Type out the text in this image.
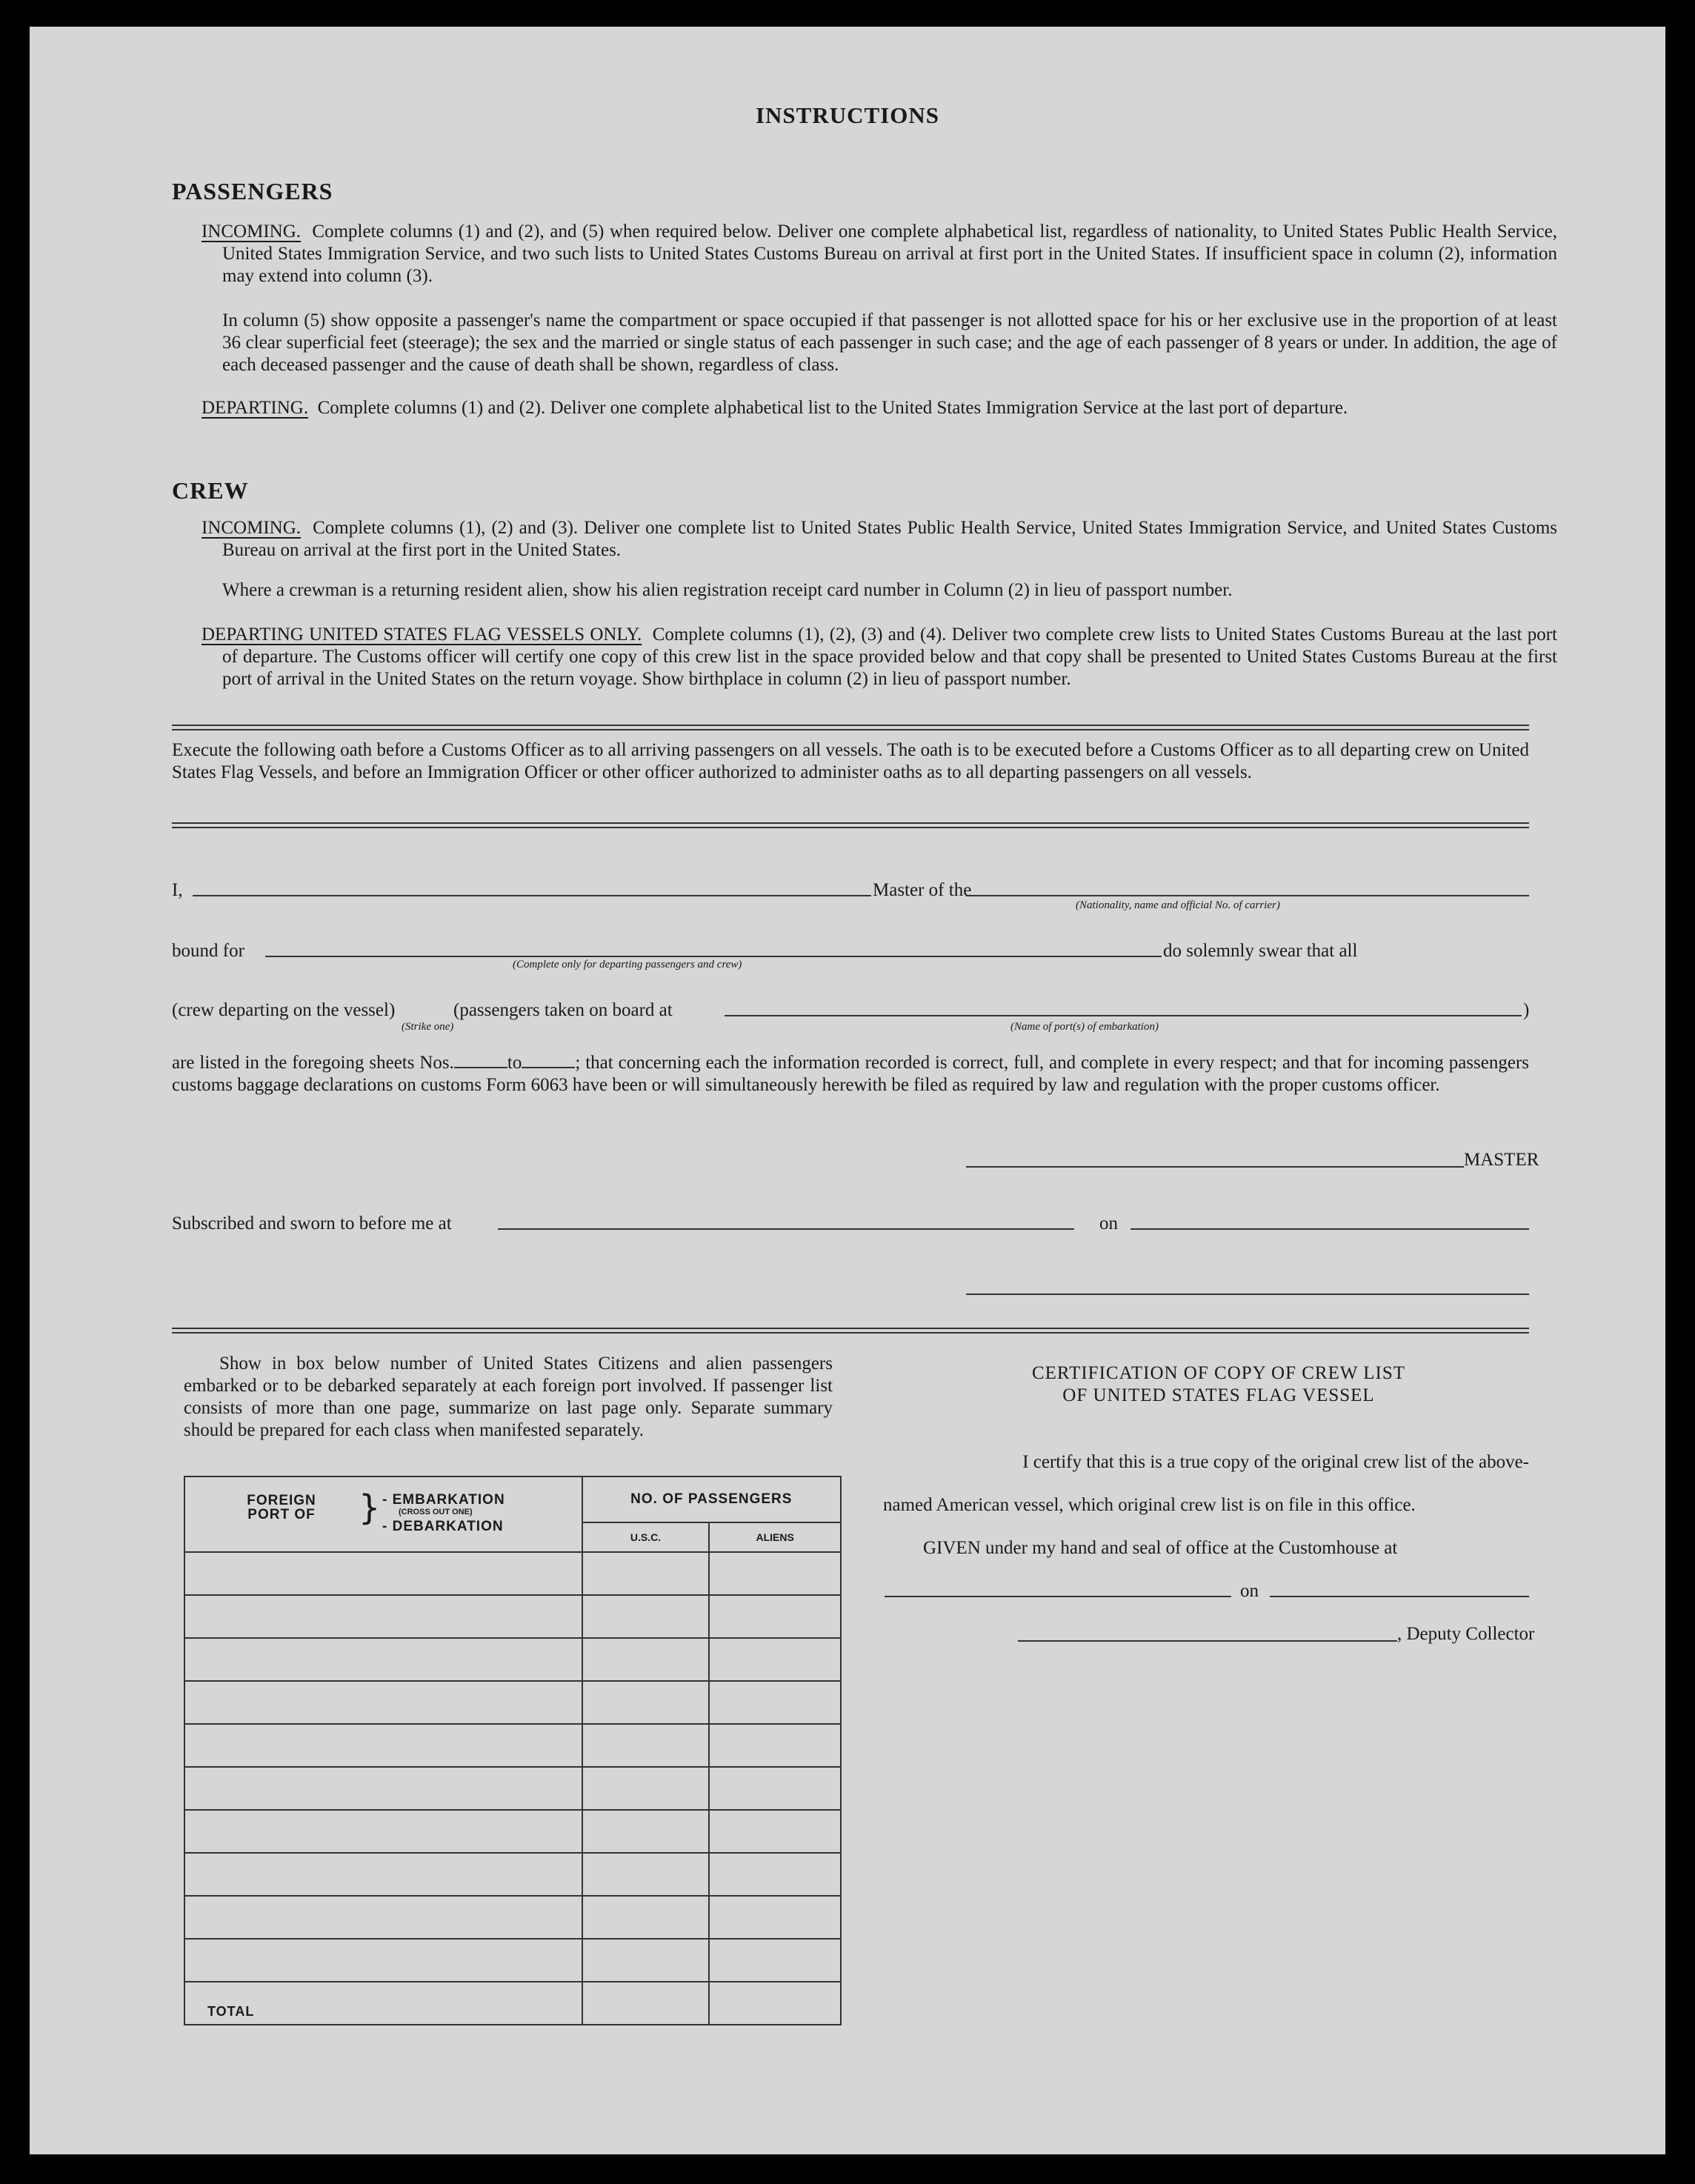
INSTRUCTIONS
PASSENGERS
INCOMING. Complete columns (1) and (2), and (5) when required below. Deliver one complete alphabetical list, regardless of nationality, to United States Public Health Service, United States Immigration Service, and two such lists to United States Customs Bureau on arrival at first port in the United States. If insufficient space in column (2), information may extend into column (3).
In column (5) show opposite a passenger's name the compartment or space occupied if that passenger is not allotted space for his or her exclusive use in the proportion of at least 36 clear superficial feet (steerage); the sex and the married or single status of each passenger in such case; and the age of each passenger of 8 years or under. In addition, the age of each deceased passenger and the cause of death shall be shown, regardless of class.
DEPARTING. Complete columns (1) and (2). Deliver one complete alphabetical list to the United States Immigration Service at the last port of departure.
CREW
INCOMING. Complete columns (1), (2) and (3). Deliver one complete list to United States Public Health Service, United States Immigration Service, and United States Customs Bureau on arrival at the first port in the United States.
Where a crewman is a returning resident alien, show his alien registration receipt card number in Column (2) in lieu of passport number.
DEPARTING UNITED STATES FLAG VESSELS ONLY. Complete columns (1), (2), (3) and (4). Deliver two complete crew lists to United States Customs Bureau at the last port of departure. The Customs officer will certify one copy of this crew list in the space provided below and that copy shall be presented to United States Customs Bureau at the first port of arrival in the United States on the return voyage. Show birthplace in column (2) in lieu of passport number.
Execute the following oath before a Customs Officer as to all arriving passengers on all vessels. The oath is to be executed before a Customs Officer as to all departing crew on United States Flag Vessels, and before an Immigration Officer or other officer authorized to administer oaths as to all departing passengers on all vessels.
I,	Master of the
(Nationality, name and official No. of carrier)
bound for
(Complete only for departing passengers and crew)
do solemnly swear that all
(crew departing on the vessel)	(passengers taken on board at	)
(Strike one)	(Name of port(s) of embarkation)
are listed in the foregoing sheets Nos.	to	; that concerning each the information recorded is correct, full, and complete in every respect; and that for incoming passengers customs baggage declarations on customs Form 6063 have been or will simultaneously herewith be filed as required by law and regulation with the proper customs officer.
MASTER
Subscribed and sworn to before me at	on
Show in box below number of United States Citizens and alien passengers embarked or to be debarked separately at each foreign port involved. If passenger list consists of more than one page, summarize on last page only. Separate summary should be prepared for each class when manifested separately.
FOREIGN PORT OF } - EMBARKATION
(CROSS OUT ONE)
- DEBARKATION	NO. OF PASSENGERS	
	U.S.C.	ALIENS

TOTAL		

CERTIFICATION OF COPY OF CREW LIST
OF UNITED STATES FLAG VESSEL
I certify that this is a true copy of the original crew list of the above-
named American vessel, which original crew list is on file in this office.
GIVEN under my hand and seal of office at the Customhouse at
on
, Deputy Collector
